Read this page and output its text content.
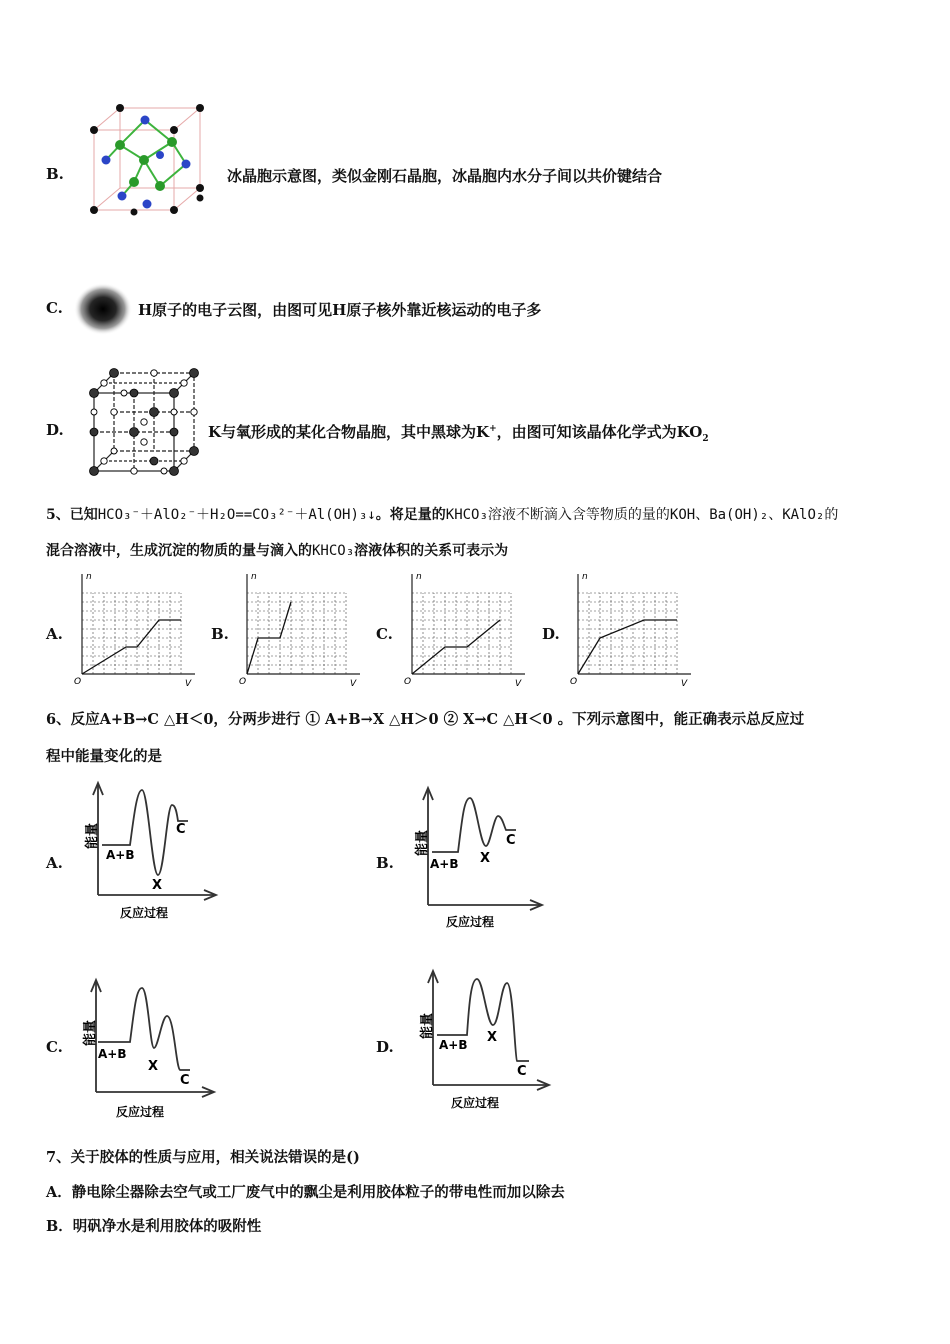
B.	冰晶胞示意图，类似金刚石晶胞，冰晶胞内水分子间以共价键结合
C.	H原子的电子云图，由图可见H原子核外靠近核运动的电子多
D.	K与氧形成的某化合物晶胞，其中黑球为K+，由图可知该晶体化学式为$KO_2$
5、已知HCO₃⁻＋AlO₂⁻＋H₂O==CO₃²⁻＋Al(OH)₃↓。将足量的KHCO₃溶液不断滴入含等物质的量的KOH、Ba(OH)₂、KAlO₂的
混合溶液中，生成沉淀的物质的量与滴入的KHCO₃溶液体积的关系可表示为
A.
n
V
O
B.
n
V
O
C.
n
V
O
D.
n
V
O
6、反应A+B→C △H＜0，分两步进行 ① A+B→X △H＞0 ② X→C △H＜0 。下列示意图中，能正确表示总反应过
程中能量变化的是
A.	B.
C.	D.
能量
A+B
X
C
反应过程
能量
A+B X
C
反应过程
能量
A+B
X
C
反应过程
能量
A+B X
C
反应过程
7、关于胶体的性质与应用，相关说法错误的是()
A．静电除尘器除去空气或工厂废气中的飘尘是利用胶体粒子的带电性而加以除去
B．明矾净水是利用胶体的吸附性
